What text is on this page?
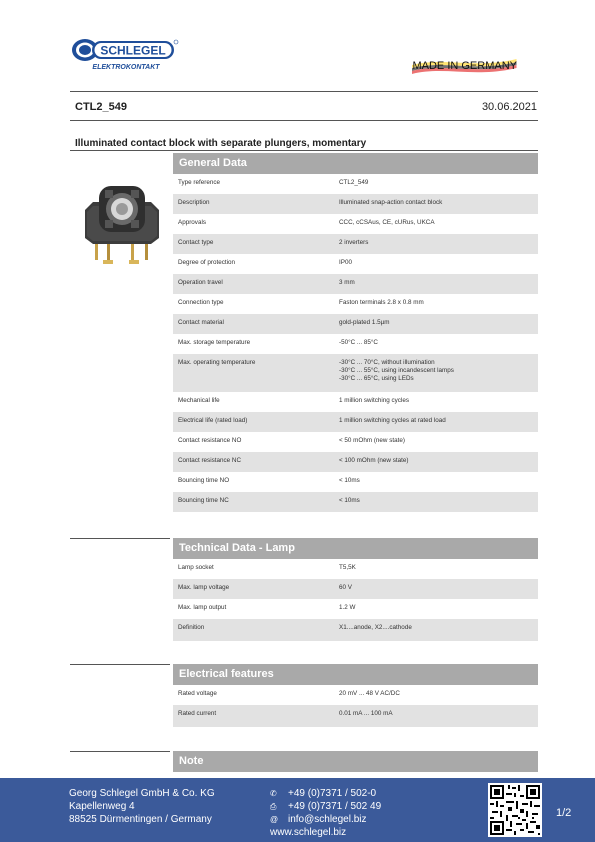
SCHLEGEL
ELEKTROKONTAKT	MADE IN GERMANY
CTL2_549	30.06.2021
Illuminated contact block with separate plungers, momentary
General Data
Type reference	CTL2_549
Description	Illuminated snap-action contact block
Approvals	CCC, cCSAus, CE, cURus, UKCA
Contact type	2 inverters
Degree of protection	IP00
Operation travel	3 mm
Connection type	Faston terminals 2.8 x 0.8 mm
Contact material	gold-plated 1.5µm
Max. storage temperature	-50°C ... 85°C
Max. operating temperature	-30°C ... 70°C, without illumination
-30°C ... 55°C, using incandescent lamps
-30°C ... 65°C, using LEDs
Mechanical life	1 million switching cycles
Electrical life (rated load)	1 million switching cycles at rated load
Contact resistance NO	< 50 mOhm (new state)
Contact resistance NC	< 100 mOhm (new state)
Bouncing time NO	< 10ms
Bouncing time NC	< 10ms
Technical Data - Lamp
Lamp socket	T5,5K
Max. lamp voltage	60 V
Max. lamp output	1.2 W
Definition	X1....anode, X2....cathode
Electrical features
Rated voltage	20 mV ... 48 V AC/DC
Rated current	0.01 mA ... 100 mA
Note
Georg Schlegel GmbH & Co. KG
Kapellenweg 4
88525 Dürmentingen / Germany
✆ +49 (0)7371 / 502-0
⎙ +49 (0)7371 / 502 49
@ info@schlegel.biz
www.schlegel.biz
1/2
